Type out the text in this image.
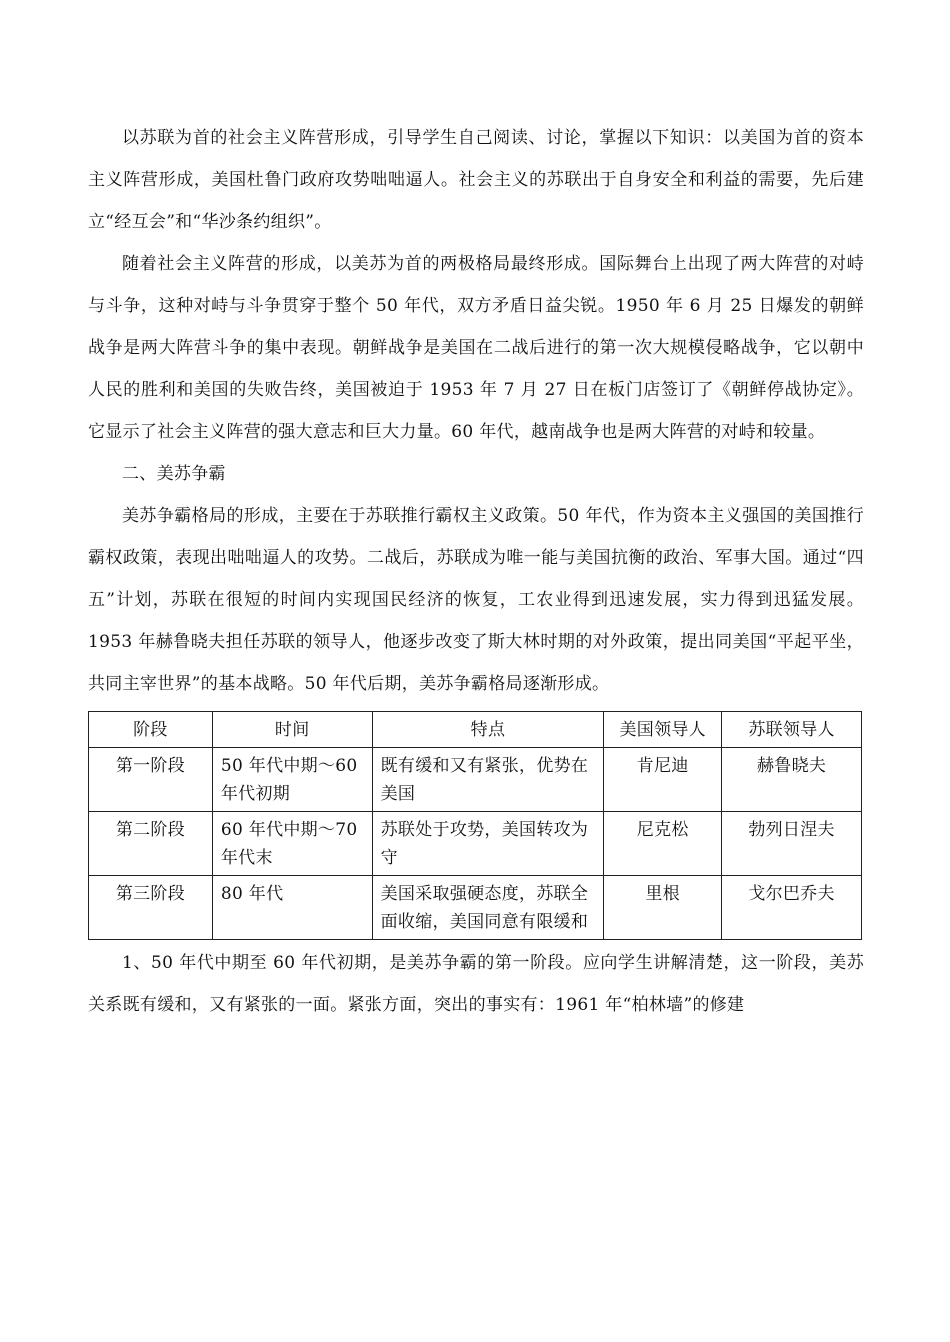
以苏联为首的社会主义阵营形成，引导学生自己阅读、讨论，掌握以下知识：以美国为首的资本主义阵营形成，美国杜鲁门政府攻势咄咄逼人。社会主义的苏联出于自身安全和利益的需要，先后建立“经互会”和“华沙条约组织”。

随着社会主义阵营的形成，以美苏为首的两极格局最终形成。国际舞台上出现了两大阵营的对峙与斗争，这种对峙与斗争贯穿于整个 50 年代，双方矛盾日益尖锐。1950 年 6 月 25 日爆发的朝鲜战争是两大阵营斗争的集中表现。朝鲜战争是美国在二战后进行的第一次大规模侵略战争，它以朝中人民的胜利和美国的失败告终，美国被迫于 1953 年 7 月 27 日在板门店签订了《朝鲜停战协定》。它显示了社会主义阵营的强大意志和巨大力量。60 年代，越南战争也是两大阵营的对峙和较量。

二、美苏争霸

美苏争霸格局的形成，主要在于苏联推行霸权主义政策。50 年代，作为资本主义强国的美国推行霸权政策，表现出咄咄逼人的攻势。二战后，苏联成为唯一能与美国抗衡的政治、军事大国。通过“四五”计划，苏联在很短的时间内实现国民经济的恢复，工农业得到迅速发展，实力得到迅猛发展。1953 年赫鲁晓夫担任苏联的领导人，他逐步改变了斯大林时期的对外政策，提出同美国“平起平坐，共同主宰世界”的基本战略。50 年代后期，美苏争霸格局逐渐形成。

阶段	时间	特点	美国领导人	苏联领导人
第一阶段	50 年代中期～60 年代初期	既有缓和又有紧张，优势在美国	肯尼迪	赫鲁晓夫
第二阶段	60 年代中期～70 年代末	苏联处于攻势，美国转攻为守	尼克松	勃列日涅夫
第三阶段	80 年代	美国采取强硬态度，苏联全面收缩，美国同意有限缓和	里根	戈尔巴乔夫

1、50 年代中期至 60 年代初期，是美苏争霸的第一阶段。应向学生讲解清楚，这一阶段，美苏关系既有缓和，又有紧张的一面。紧张方面，突出的事实有：1961 年“柏林墙”的修建
